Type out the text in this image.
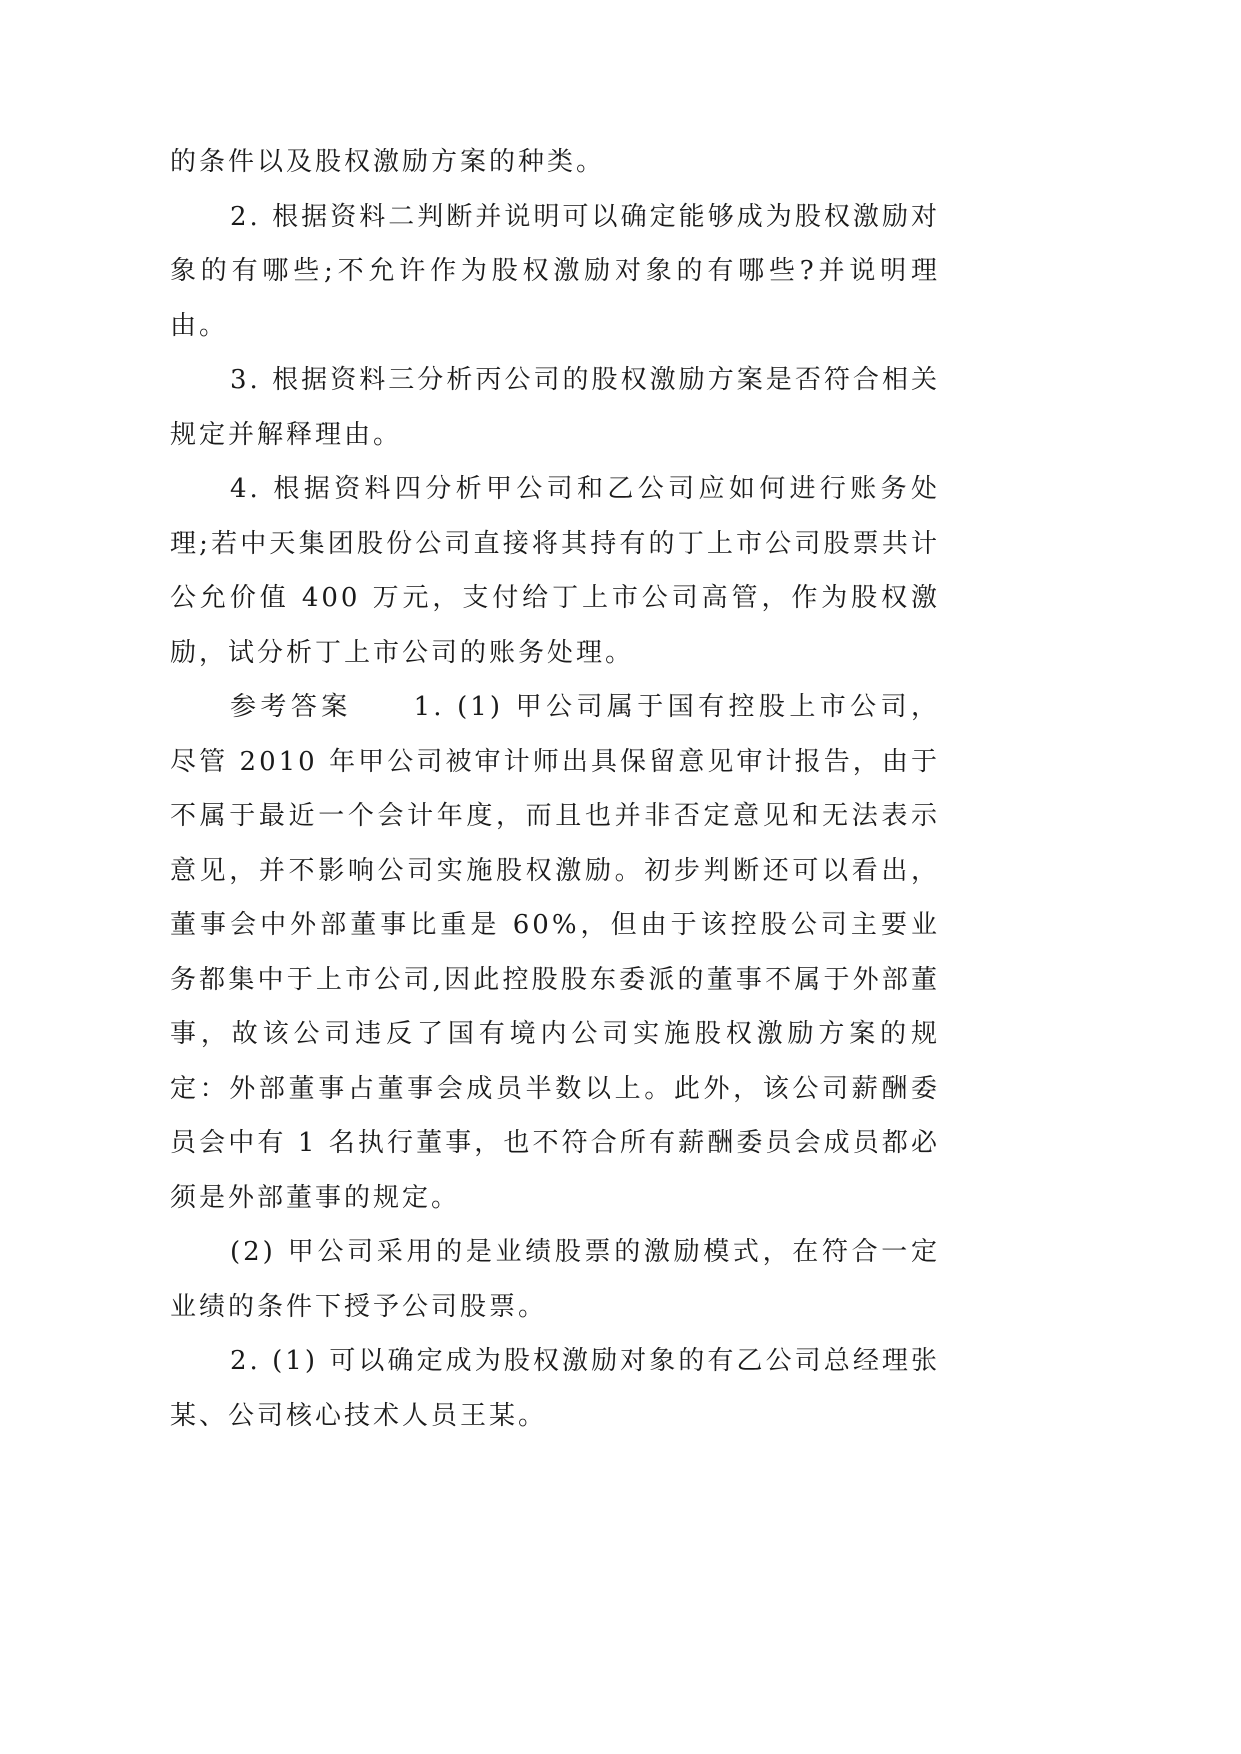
的条件以及股权激励方案的种类。

2. 根据资料二判断并说明可以确定能够成为股权激励对象的有哪些;不允许作为股权激励对象的有哪些?并说明理由。

3. 根据资料三分析丙公司的股权激励方案是否符合相关规定并解释理由。

4. 根据资料四分析甲公司和乙公司应如何进行账务处理;若中天集团股份公司直接将其持有的丁上市公司股票共计公允价值 400 万元，支付给丁上市公司高管，作为股权激励，试分析丁上市公司的账务处理。

参考答案 1. (1) 甲公司属于国有控股上市公司，尽管 2010 年甲公司被审计师出具保留意见审计报告，由于不属于最近一个会计年度，而且也并非否定意见和无法表示意见，并不影响公司实施股权激励。初步判断还可以看出，董事会中外部董事比重是 60%，但由于该控股公司主要业务都集中于上市公司,因此控股股东委派的董事不属于外部董事，故该公司违反了国有境内公司实施股权激励方案的规定：外部董事占董事会成员半数以上。此外，该公司薪酬委员会中有 1 名执行董事，也不符合所有薪酬委员会成员都必须是外部董事的规定。

(2) 甲公司采用的是业绩股票的激励模式，在符合一定业绩的条件下授予公司股票。

2. (1) 可以确定成为股权激励对象的有乙公司总经理张某、公司核心技术人员王某。
